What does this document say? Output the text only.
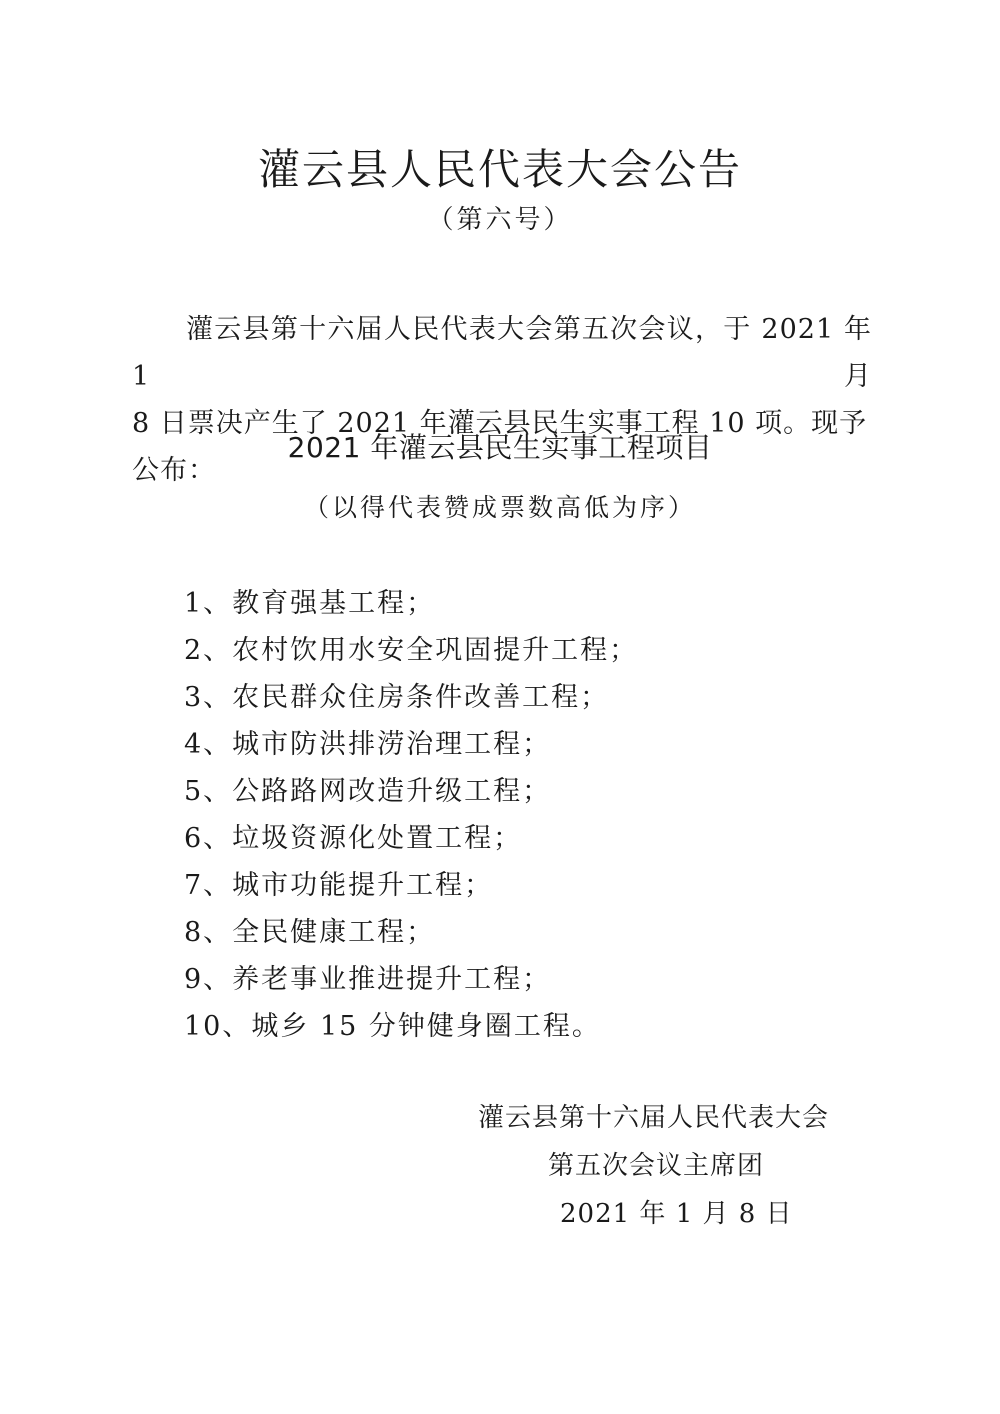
灌云县人民代表大会公告
（第六号）
灌云县第十六届人民代表大会第五次会议，于 2021 年 1 月
8 日票决产生了 2021 年灌云县民生实事工程 10 项。现予公布：
2021 年灌云县民生实事工程项目
（以得代表赞成票数高低为序）
1、教育强基工程；
2、农村饮用水安全巩固提升工程；
3、农民群众住房条件改善工程；
4、城市防洪排涝治理工程；
5、公路路网改造升级工程；
6、垃圾资源化处置工程；
7、城市功能提升工程；
8、全民健康工程；
9、养老事业推进提升工程；
10、城乡 15 分钟健身圈工程。
灌云县第十六届人民代表大会
第五次会议主席团
2021 年 1 月 8 日
